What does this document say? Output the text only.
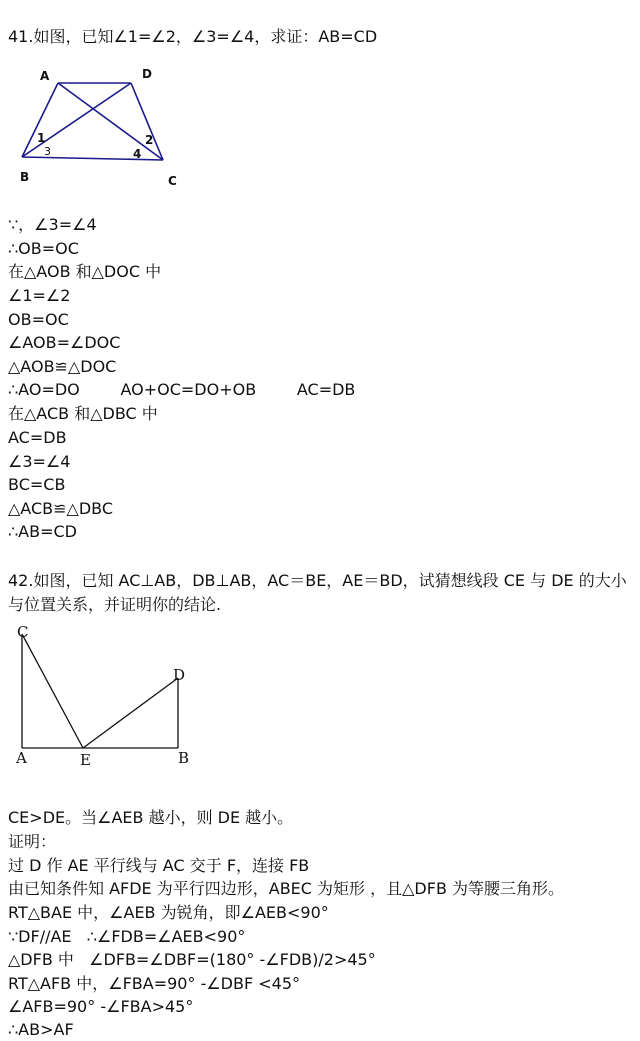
41.如图，已知∠1=∠2，∠3=∠4，求证：AB=CD
A	D
B	C
1	2
3	4
∵，∠3=∠4
∴OB=OC
在△AOB 和△DOC 中
∠1=∠2
OB=OC
∠AOB=∠DOC
△AOB≌△DOC
∴AO=DO        AO+OC=DO+OB        AC=DB
在△ACB 和△DBC 中
AC=DB
∠3=∠4
BC=CB
△ACB≌△DBC
∴AB=CD
42.如图，已知 AC⊥AB，DB⊥AB，AC＝BE，AE＝BD，试猜想线段 CE 与 DE 的大小
与位置关系，并证明你的结论.
C
D
A	E	B
CE>DE。当∠AEB 越小，则 DE 越小。
证明：
过 D 作 AE 平行线与 AC 交于 F，连接 FB
由已知条件知 AFDE 为平行四边形，ABEC 为矩形 ，且△DFB 为等腰三角形。
RT△BAE 中，∠AEB 为锐角，即∠AEB<90°
∵DF//AE   ∴∠FDB=∠AEB<90°
△DFB 中   ∠DFB=∠DBF=(180° -∠FDB)/2>45°
RT△AFB 中，∠FBA=90° -∠DBF <45°
∠AFB=90° -∠FBA>45°
∴AB>AF
